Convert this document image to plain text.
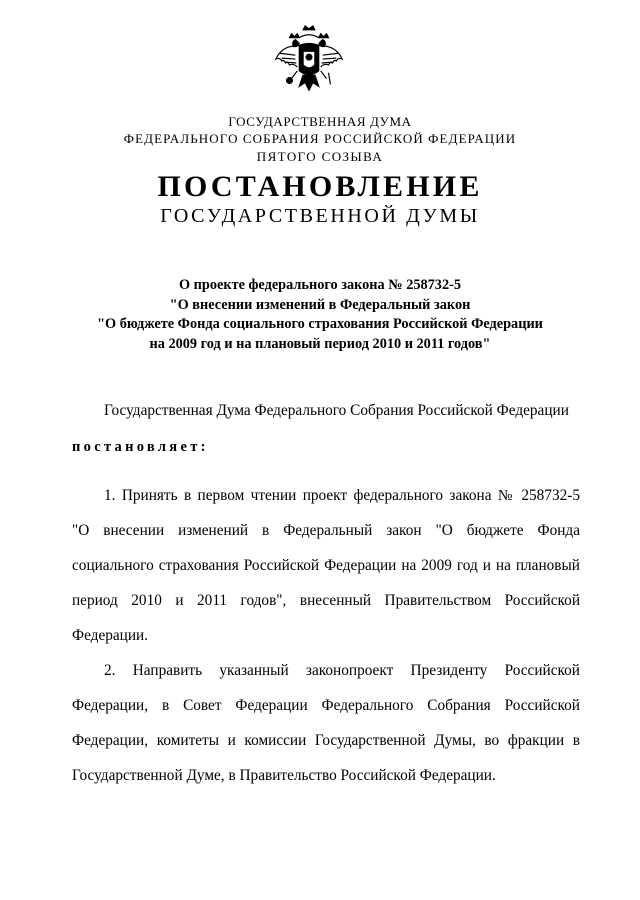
ГОСУДАРСТВЕННАЯ ДУМА
ФЕДЕРАЛЬНОГО СОБРАНИЯ РОССИЙСКОЙ ФЕДЕРАЦИИ
ПЯТОГО СОЗЫВА
ПОСТАНОВЛЕНИЕ
ГОСУДАРСТВЕННОЙ ДУМЫ
О проекте федерального закона № 258732-5
"О внесении изменений в Федеральный закон
"О бюджете Фонда социального страхования Российской Федерации
на 2009 год и на плановый период 2010 и 2011 годов"
Государственная Дума Федерального Собрания Российской Федерации
постановляет:
1. Принять в первом чтении проект федерального закона № 258732-5
"О внесении изменений в Федеральный закон "О бюджете Фонда
социального страхования Российской Федерации на 2009 год и на плановый
период 2010 и 2011 годов", внесенный Правительством Российской
Федерации.
2. Направить указанный законопроект Президенту Российской
Федерации, в Совет Федерации Федерального Собрания Российской
Федерации, комитеты и комиссии Государственной Думы, во фракции в
Государственной Думе, в Правительство Российской Федерации.
